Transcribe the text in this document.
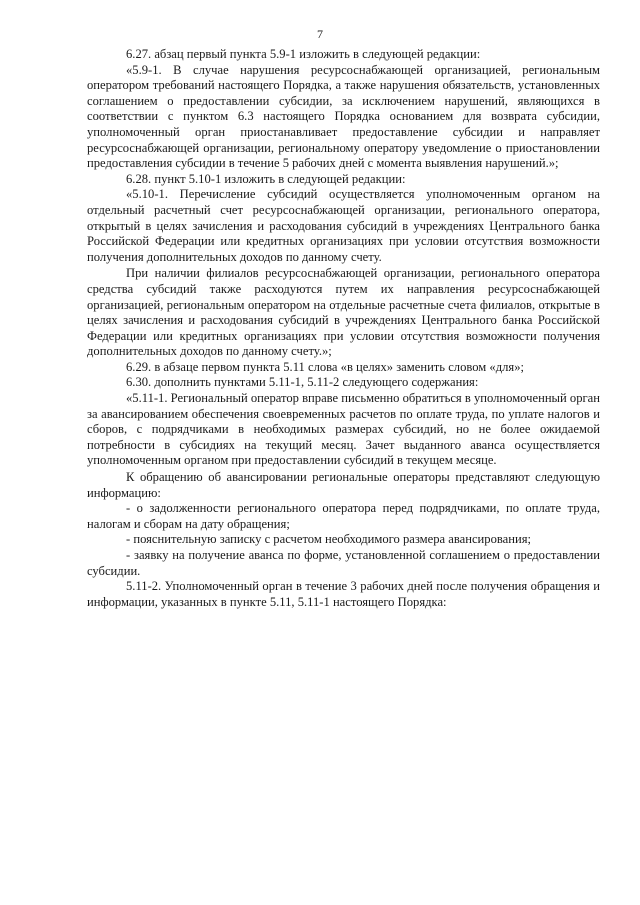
7

6.27. абзац первый пункта 5.9-1 изложить в следующей редакции:

«5.9-1. В случае нарушения ресурсоснабжающей организацией, региональным оператором требований настоящего Порядка, а также нарушения обязательств, установленных соглашением о предоставлении субсидии, за исключением нарушений, являющихся в соответствии с пунктом 6.3 настоящего Порядка основанием для возврата субсидии, уполномоченный орган приостанавливает предоставление субсидии и направляет ресурсоснабжающей организации, региональному оператору уведомление о приостановлении предоставления субсидии в течение 5 рабочих дней с момента выявления нарушений.»;

6.28. пункт 5.10-1 изложить в следующей редакции:

«5.10-1. Перечисление субсидий осуществляется уполномоченным органом на отдельный расчетный счет ресурсоснабжающей организации, регионального оператора, открытый в целях зачисления и расходования субсидий в учреждениях Центрального банка Российской Федерации или кредитных организациях при условии отсутствия возможности получения дополнительных доходов по данному счету.

При наличии филиалов ресурсоснабжающей организации, регионального оператора средства субсидий также расходуются путем их направления ресурсоснабжающей организацией, региональным оператором на отдельные расчетные счета филиалов, открытые в целях зачисления и расходования субсидий в учреждениях Центрального банка Российской Федерации или кредитных организациях при условии отсутствия возможности получения дополнительных доходов по данному счету.»;

6.29. в абзаце первом пункта 5.11 слова «в целях» заменить словом «для»;

6.30. дополнить пунктами 5.11-1, 5.11-2 следующего содержания:

«5.11-1. Региональный оператор вправе письменно обратиться в уполномоченный орган за авансированием обеспечения своевременных расчетов по оплате труда, по уплате налогов и сборов, с подрядчиками в необходимых размерах субсидий, но не более ожидаемой потребности в субсидиях на текущий месяц. Зачет выданного аванса осуществляется уполномоченным органом при предоставлении субсидий в текущем месяце.

К обращению об авансировании региональные операторы представляют следующую информацию:

- о задолженности регионального оператора перед подрядчиками, по оплате труда, налогам и сборам на дату обращения;

- пояснительную записку с расчетом необходимого размера авансирования;

- заявку на получение аванса по форме, установленной соглашением о предоставлении субсидии.

5.11-2. Уполномоченный орган в течение 3 рабочих дней после получения обращения и информации, указанных в пункте 5.11, 5.11-1 настоящего Порядка:
